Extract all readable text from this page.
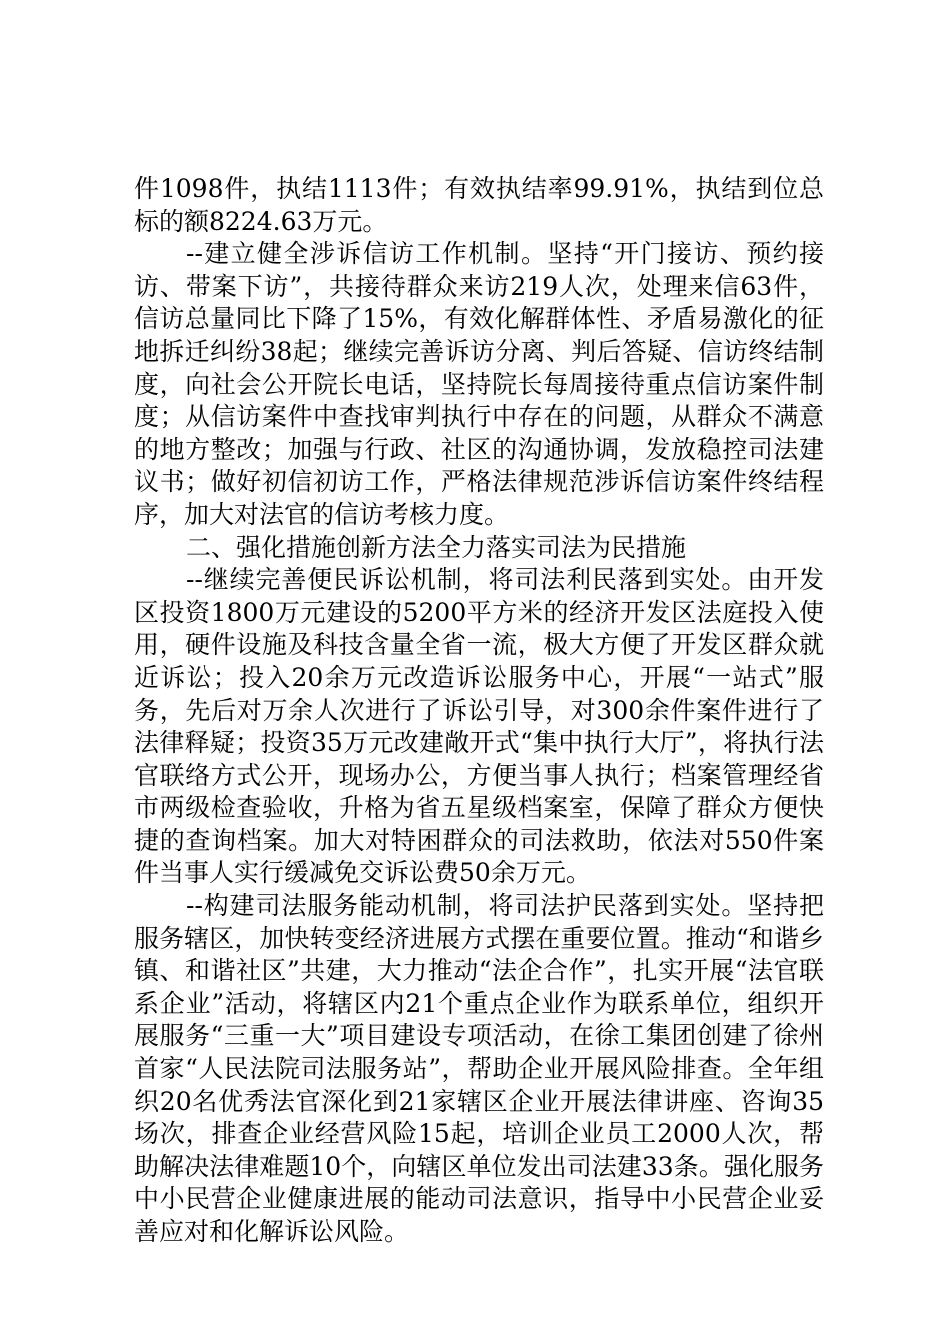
件1098件，执结1113件；有效执结率99.91%，执结到位总标的额8224.63万元。

--建立健全涉诉信访工作机制。坚持“开门接访、预约接访、带案下访”，共接待群众来访219人次，处理来信63件，信访总量同比下降了15%，有效化解群体性、矛盾易激化的征地拆迁纠纷38起；继续完善诉访分离、判后答疑、信访终结制度，向社会公开院长电话，坚持院长每周接待重点信访案件制度；从信访案件中查找审判执行中存在的问题，从群众不满意的地方整改；加强与行政、社区的沟通协调，发放稳控司法建议书；做好初信初访工作，严格法律规范涉诉信访案件终结程序，加大对法官的信访考核力度。

二、强化措施创新方法全力落实司法为民措施

--继续完善便民诉讼机制，将司法利民落到实处。由开发区投资1800万元建设的5200平方米的经济开发区法庭投入使用，硬件设施及科技含量全省一流，极大方便了开发区群众就近诉讼；投入20余万元改造诉讼服务中心，开展“一站式”服务，先后对万余人次进行了诉讼引导，对300余件案件进行了法律释疑；投资35万元改建敞开式“集中执行大厅”，将执行法官联络方式公开，现场办公，方便当事人执行；档案管理经省市两级检查验收，升格为省五星级档案室，保障了群众方便快捷的查询档案。加大对特困群众的司法救助，依法对550件案件当事人实行缓减免交诉讼费50余万元。

--构建司法服务能动机制，将司法护民落到实处。坚持把服务辖区，加快转变经济进展方式摆在重要位置。推动“和谐乡镇、和谐社区”共建，大力推动“法企合作”，扎实开展“法官联系企业”活动，将辖区内21个重点企业作为联系单位，组织开展服务“三重一大”项目建设专项活动，在徐工集团创建了徐州首家“人民法院司法服务站”，帮助企业开展风险排查。全年组织20名优秀法官深化到21家辖区企业开展法律讲座、咨询35场次，排查企业经营风险15起，培训企业员工2000人次，帮助解决法律难题10个，向辖区单位发出司法建33条。强化服务中小民营企业健康进展的能动司法意识，指导中小民营企业妥善应对和化解诉讼风险。
